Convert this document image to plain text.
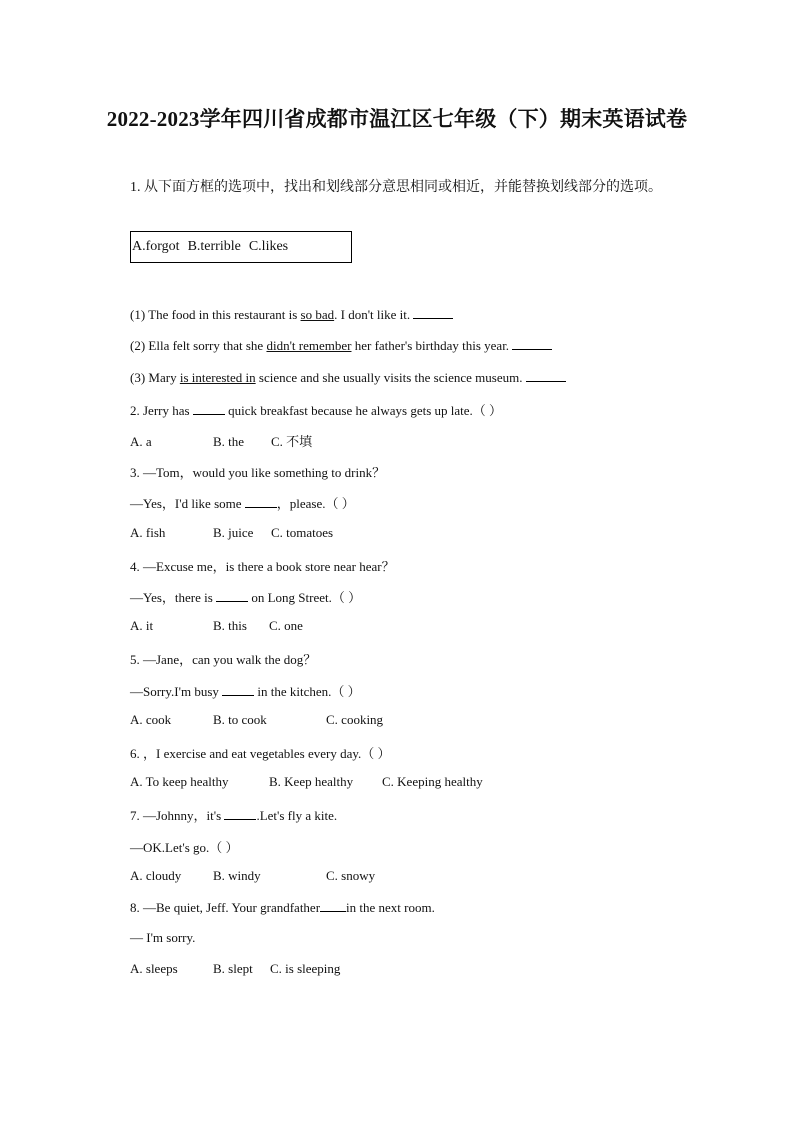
2022-2023学年四川省成都市温江区七年级（下）期末英语试卷
1. 从下面方框的选项中，找出和划线部分意思相同或相近，并能替换划线部分的选项。
A.forgot B.terrible C.likes
(1) The food in this restaurant is so bad. I don't like it.
(2) Ella felt sorry that she didn't remember her father's birthday this year.
(3) Mary is interested in science and she usually visits the science museum.
2. Jerry has  quick breakfast because he always gets up late.（ ）
A. a	B. the C. 不填
3. —Tom，would you like something to drink？
—Yes，I'd like some ，please.（ ）
A. fish	B. juice C. tomatoes
4. —Excuse me，is there a book store near hear？
—Yes，there is  on Long Street.（ ）
A. it	B. this C. one
5. —Jane，can you walk the dog？
—Sorry.I'm busy  in the kitchen.（ ）
A. cook	B. to cook	C. cooking
6. ，I exercise and eat vegetables every day.（ ）
A. To keep healthy	B. Keep healthy C. Keeping healthy
7. —Johnny，it's .Let's fly a kite.
—OK.Let's go.（ ）
A. cloudy B. windy	C. snowy
8. —Be quiet, Jeff. Your grandfather in the next room.
— I'm sorry.
A. sleeps	B. slept C. is sleeping
